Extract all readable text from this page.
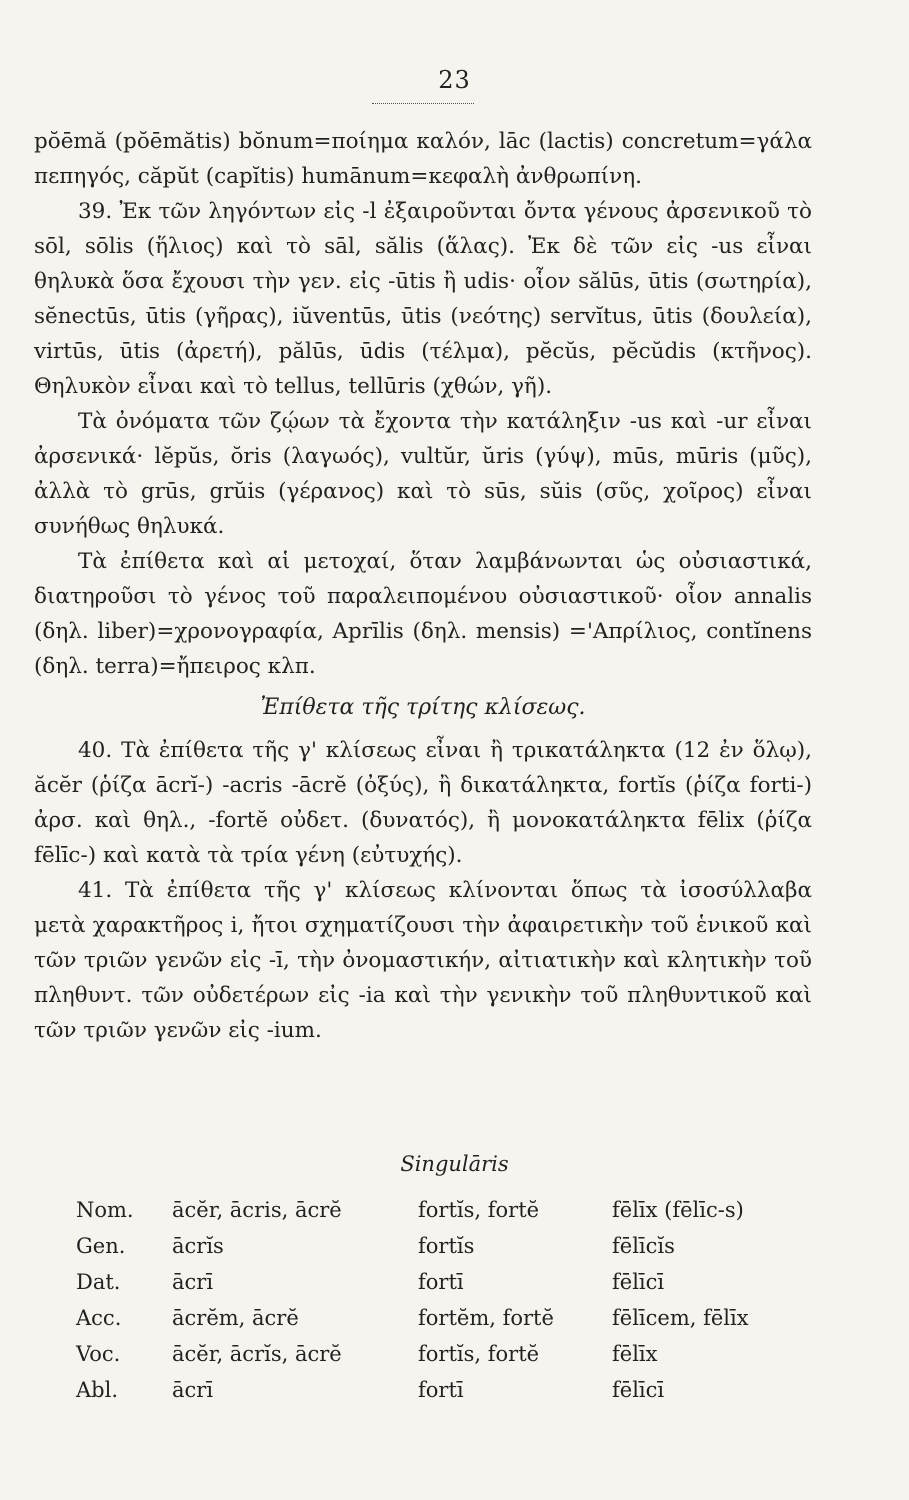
23

pŏēmă (pŏēmătis) bŏnum=ποίημα καλόν, lāc (lactis) concretum=γάλα πεπηγός, căpŭt (capĭtis) humānum=κεφαλὴ ἀνθρωπίνη.

39. Ἐκ τῶν ληγόντων εἰς -l ἐξαιροῦνται ὄντα γένους ἀρσενικοῦ τὸ sōl, sōlis (ἥλιος) καὶ τὸ sāl, sălis (ἅλας). Ἐκ δὲ τῶν εἰς -us εἶναι θηλυκὰ ὅσα ἔχουσι τὴν γεν. εἰς -ūtis ἢ udis· οἷον sălūs, ūtis (σωτηρία), sĕnectūs, ūtis (γῆρας), iŭventūs, ūtis (νεότης) servĭtus, ūtis (δουλεία), virtūs, ūtis (ἀρετή), pălūs, ūdis (τέλμα), pĕcŭs, pĕcŭdis (κτῆνος). Θηλυκὸν εἶναι καὶ τὸ tellus, tellūris (χθών, γῆ).

Τὰ ὀνόματα τῶν ζῴων τὰ ἔχοντα τὴν κατάληξιν -us καὶ -ur εἶναι ἀρσενικά· lĕpŭs, ŏris (λαγωός), vultŭr, ŭris (γύψ), mūs, mūris (μῦς), ἀλλὰ τὸ grūs, grŭis (γέρανος) καὶ τὸ sūs, sŭis (σῦς, χοῖρος) εἶναι συνήθως θηλυκά.

Τὰ ἐπίθετα καὶ αἱ μετοχαί, ὅταν λαμβάνωνται ὡς οὐσιαστικά, διατηροῦσι τὸ γένος τοῦ παραλειπομένου οὐσιαστικοῦ· οἷον annalis (δηλ. liber)=χρονογραφία, Aprīlis (δηλ. mensis) ='Απρίλιος, contĭnens (δηλ. terra)=ἤπειρος κλπ.

Ἐπίθετα τῆς τρίτης κλίσεως.

40. Τὰ ἐπίθετα τῆς γ' κλίσεως εἶναι ἢ τρικατάληκτα (12 ἐν ὅλῳ), ăcĕr (ῥίζα ācrĭ-) -acris -ācrĕ (ὀξύς), ἢ δικατάληκτα, fortĭs (ῥίζα forti-) ἀρσ. καὶ θηλ., -fortĕ οὐδετ. (δυνατός), ἢ μονοκατάληκτα fēlix (ῥίζα fēlīc-) καὶ κατὰ τὰ τρία γένη (εὐτυχής).

41. Τὰ ἐπίθετα τῆς γ' κλίσεως κλίνονται ὅπως τὰ ἰσοσύλλαβα μετὰ χαρακτῆρος i, ἤτοι σχηματίζουσι τὴν ἀφαιρετικὴν τοῦ ἑνικοῦ καὶ τῶν τριῶν γενῶν εἰς -ī, τὴν ὀνομαστικήν, αἰτιατικὴν καὶ κλητικὴν τοῦ πληθυντ. τῶν οὐδετέρων εἰς -ia καὶ τὴν γενικὴν τοῦ πληθυντικοῦ καὶ τῶν τριῶν γενῶν εἰς -ium.

Singulāris
Nom.	ācĕr, ācris, ācrĕ	fortĭs, fortĕ	fēlīx (fēlīc-s)
Gen.	ācrĭs	fortĭs	fēlīcĭs
Dat.	ācrī	fortī	fēlīcī
Acc.	ācrĕm, ācrĕ	fortĕm, fortĕ	fēlīcem, fēlīx
Voc.	ācĕr, ācrĭs, ācrĕ	fortĭs, fortĕ	fēlīx
Abl.	ācrī	fortī	fēlīcī
